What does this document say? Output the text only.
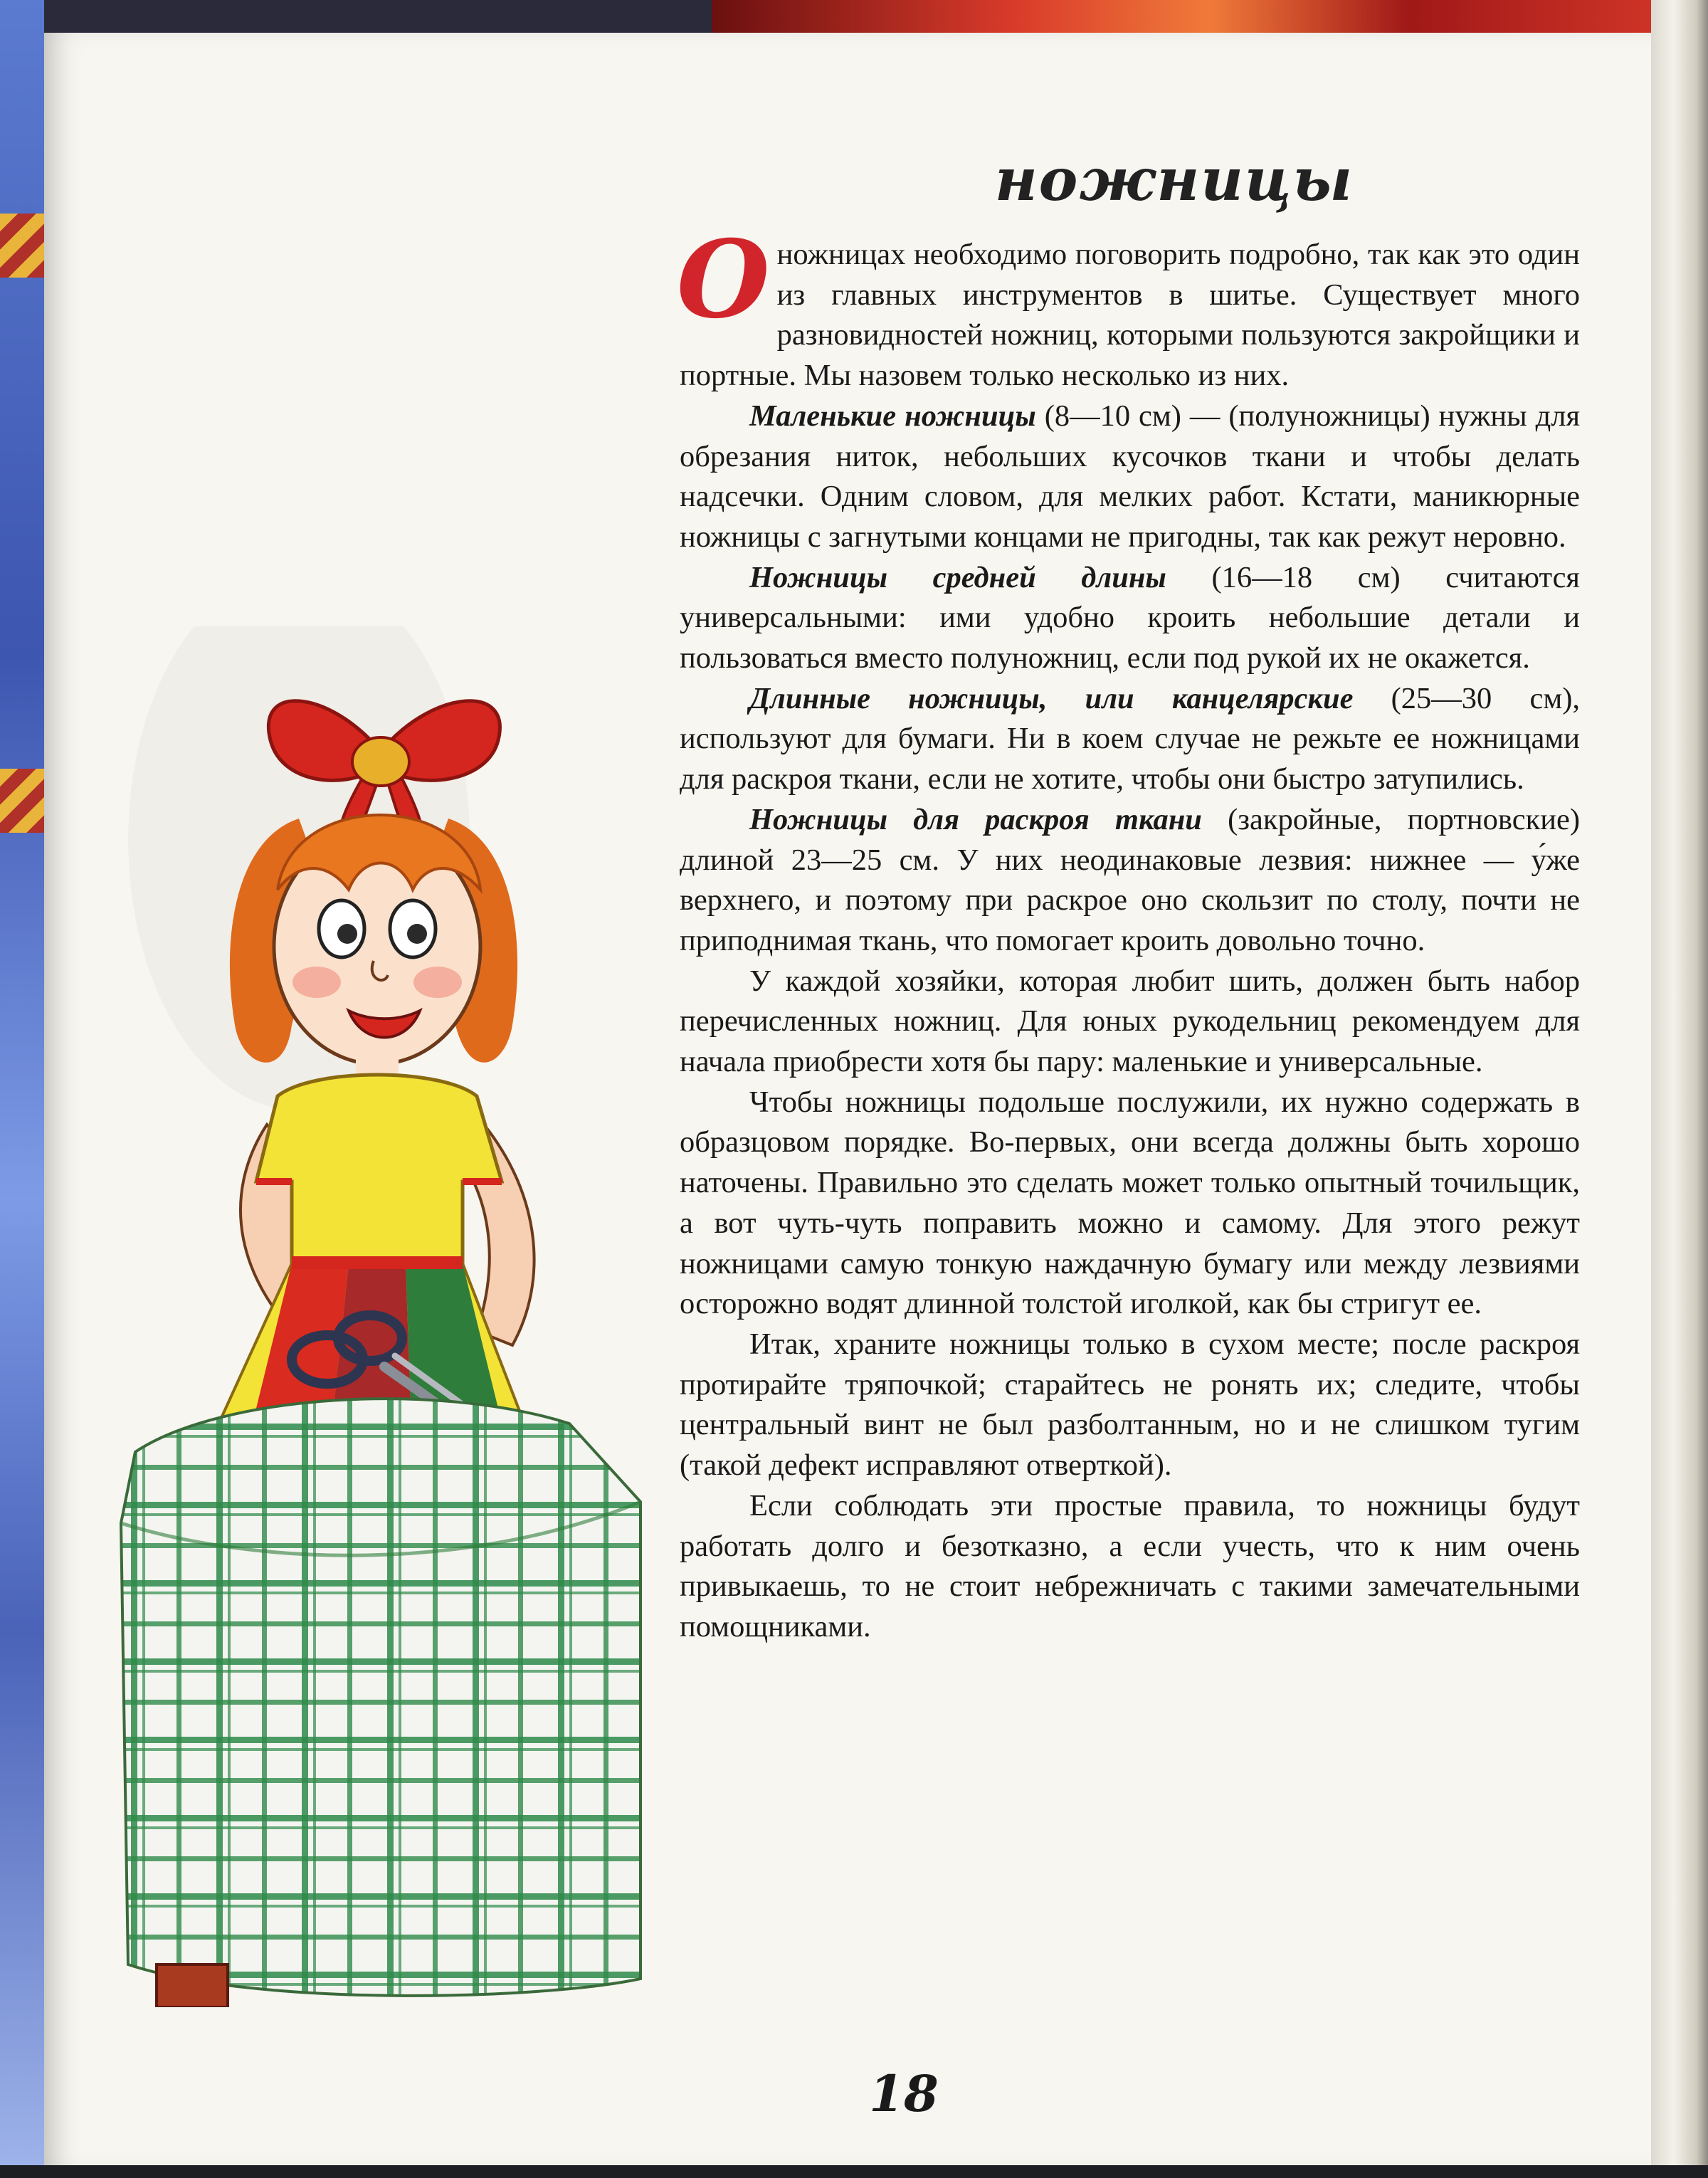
ножницы

Оножницах необходимо поговорить подробно, так как это один из главных инструментов в шитье. Существует много разновидностей ножниц, которыми пользуются закройщики и портные. Мы назовем только несколько из них.

Маленькие ножницы (8—10 см) — (полуножницы) нужны для обрезания ниток, небольших кусочков ткани и чтобы делать надсечки. Одним словом, для мелких работ. Кстати, маникюрные ножницы с загнутыми концами не пригодны, так как режут неровно.

Ножницы средней длины (16—18 см) считаются универсальными: ими удобно кроить небольшие детали и пользоваться вместо полуножниц, если под рукой их не окажется.

Длинные ножницы, или канцелярские (25—30 см), используют для бумаги. Ни в коем случае не режьте ее ножницами для раскроя ткани, если не хотите, чтобы они быстро затупились.

Ножницы для раскроя ткани (закройные, портновские) длиной 23—25 см. У них неодинаковые лезвия: нижнее — у́же верхнего, и поэтому при раскрое оно скользит по столу, почти не приподнимая ткань, что помогает кроить довольно точно.

У каждой хозяйки, которая любит шить, должен быть набор перечисленных ножниц. Для юных рукодельниц рекомендуем для начала приобрести хотя бы пару: маленькие и универсальные.

Чтобы ножницы подольше послужили, их нужно содержать в образцовом порядке. Во-первых, они всегда должны быть хорошо наточены. Правильно это сделать может только опытный точильщик, а вот чуть-чуть поправить можно и самому. Для этого режут ножницами самую тонкую наждачную бумагу или между лезвиями осторожно водят длинной толстой иголкой, как бы стригут ее.

Итак, храните ножницы только в сухом месте; после раскроя протирайте тряпочкой; старайтесь не ронять их; следите, чтобы центральный винт не был разболтанным, но и не слишком тугим (такой дефект исправляют отверткой).

Если соблюдать эти простые правила, то ножницы будут работать долго и безотказно, а если учесть, что к ним очень привыкаешь, то не стоит небрежничать с такими замечательными помощниками.

18
